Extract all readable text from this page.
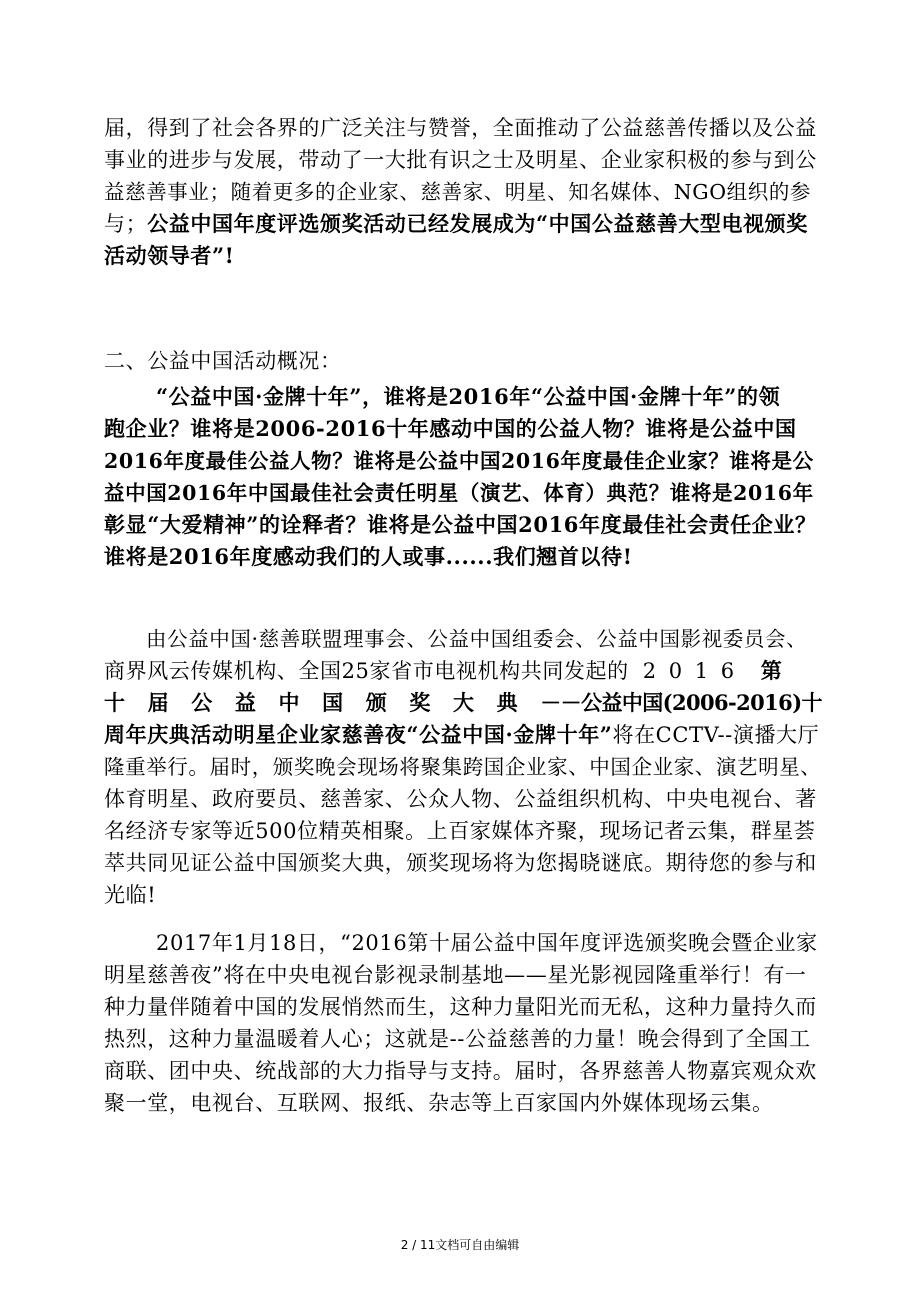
届，得到了社会各界的广泛关注与赞誉，全面推动了公益慈善传播以及公益
事业的进步与发展，带动了一大批有识之士及明星、企业家积极的参与到公
益慈善事业；随着更多的企业家、慈善家、明星、知名媒体、NGO组织的参
与；公益中国年度评选颁奖活动已经发展成为“中国公益慈善大型电视颁奖
活动领导者”!
二、公益中国活动概况：
“公益中国·金牌十年”，谁将是2016年“公益中国·金牌十年”的领
跑企业？谁将是2006-2016十年感动中国的公益人物？谁将是公益中国
2016年度最佳公益人物？谁将是公益中国2016年度最佳企业家？谁将是公
益中国2016年中国最佳社会责任明星（演艺、体育）典范？谁将是2016年
彰显“大爱精神”的诠释者？谁将是公益中国2016年度最佳社会责任企业？
谁将是2016年度感动我们的人或事......我们翘首以待!
由公益中国·慈善联盟理事会、公益中国组委会、公益中国影视委员会、
商界风云传媒机构、全国25家省市电视机构共同发起的 2 0 1 6 第
十 届 公 益 中 国 颁 奖 大 典 －－公益中国(2006-2016)十
周年庆典活动明星企业家慈善夜“公益中国·金牌十年”将在CCTV--演播大厅
隆重举行。届时，颁奖晚会现场将聚集跨国企业家、中国企业家、演艺明星、
体育明星、政府要员、慈善家、公众人物、公益组织机构、中央电视台、著
名经济专家等近500位精英相聚。上百家媒体齐聚，现场记者云集，群星荟
萃共同见证公益中国颁奖大典，颁奖现场将为您揭晓谜底。期待您的参与和
光临!
2017年1月18日，“2016第十届公益中国年度评选颁奖晚会暨企业家
明星慈善夜”将在中央电视台影视录制基地——星光影视园隆重举行！有一
种力量伴随着中国的发展悄然而生，这种力量阳光而无私，这种力量持久而
热烈，这种力量温暖着人心；这就是--公益慈善的力量！晚会得到了全国工
商联、团中央、统战部的大力指导与支持。届时，各界慈善人物嘉宾观众欢
聚一堂，电视台、互联网、报纸、杂志等上百家国内外媒体现场云集。
2 / 11文档可自由编辑
